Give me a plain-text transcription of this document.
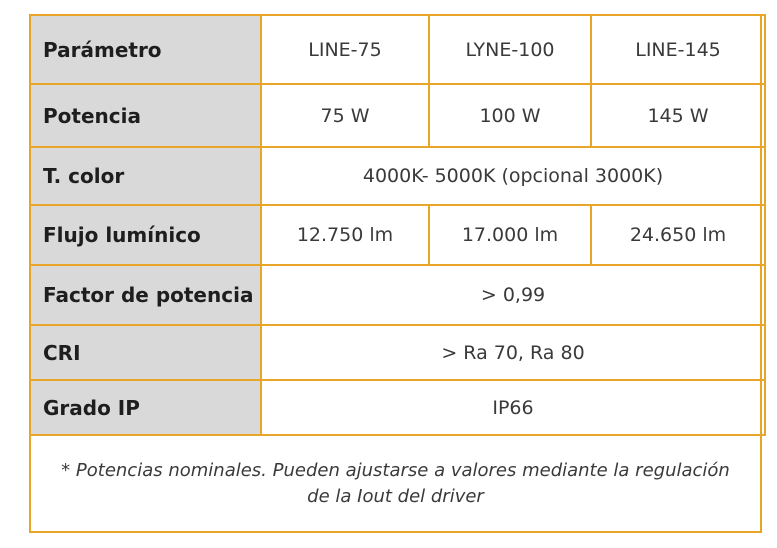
Parámetro	LINE-75	LYNE-100	LINE-145
Potencia	75 W	100 W	145 W
T. color	4000K- 5000K (opcional 3000K)		
Flujo lumínico	12.750 lm	17.000 lm	24.650 lm
Factor de potencia	> 0,99		
CRI	> Ra 70, Ra 80		
Grado IP	IP66		
* Potencias nominales. Pueden ajustarse a valores mediante la regulación
de la Iout del driver
